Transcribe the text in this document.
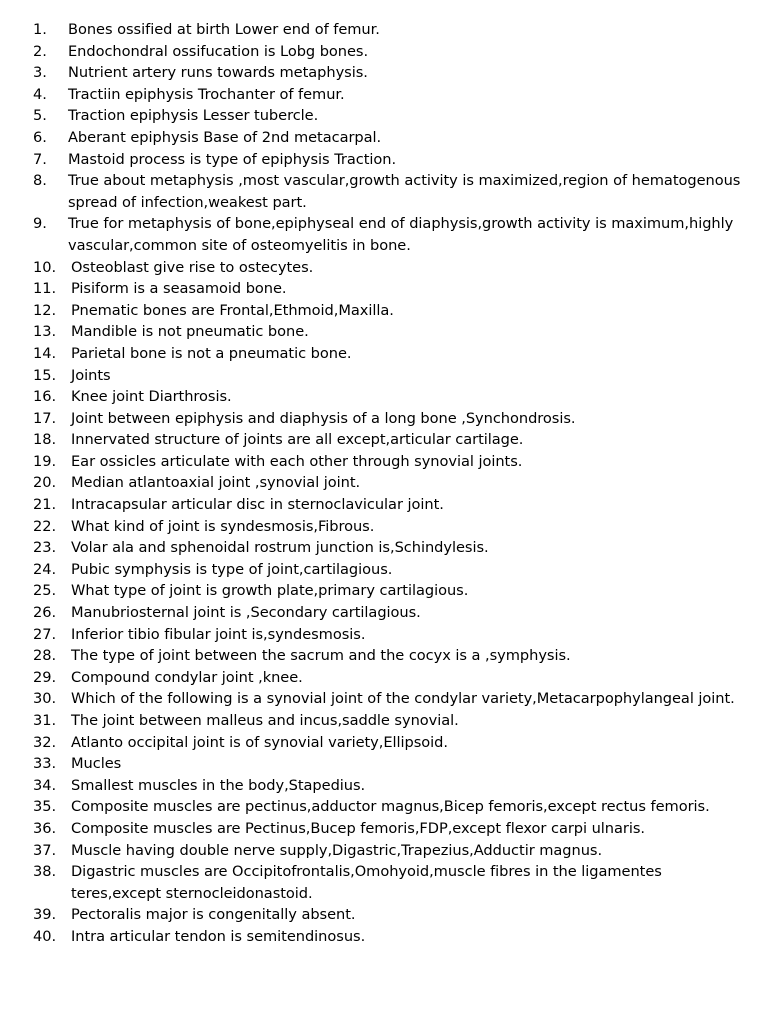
1.	Bones ossified at birth Lower end of femur.
2.	Endochondral ossifucation is Lobg bones.
3.	Nutrient artery runs towards metaphysis.
4.	Tractiin epiphysis Trochanter of femur.
5.	Traction epiphysis Lesser tubercle.
6.	Aberant epiphysis Base of 2nd metacarpal.
7.	Mastoid process is type of epiphysis Traction.
8.	True about metaphysis ,most vascular,growth activity is maximized,region of hematogenous spread of infection,weakest part.
9.	True for metaphysis of bone,epiphyseal end of diaphysis,growth activity is maximum,highly vascular,common site of osteomyelitis in bone.
10.	Osteoblast give rise to ostecytes.
11.	Pisiform is a seasamoid bone.
12.	Pnematic bones are Frontal,Ethmoid,Maxilla.
13.	Mandible is not pneumatic bone.
14.	Parietal bone is not a pneumatic bone.
15.	Joints
16.	Knee joint Diarthrosis.
17.	Joint between epiphysis and diaphysis of a long bone ,Synchondrosis.
18.	Innervated structure of joints are all except,articular cartilage.
19.	Ear ossicles articulate with each other through synovial joints.
20.	Median atlantoaxial joint ,synovial joint.
21.	Intracapsular articular disc in sternoclavicular joint.
22.	What kind of joint is syndesmosis,Fibrous.
23.	Volar ala and sphenoidal rostrum junction is,Schindylesis.
24.	Pubic symphysis is type of joint,cartilagious.
25.	What type of joint is growth plate,primary cartilagious.
26.	Manubriosternal joint is ,Secondary cartilagious.
27.	Inferior tibio fibular joint is,syndesmosis.
28.	The type of joint between the sacrum and the cocyx is a ,symphysis.
29.	Compound condylar joint ,knee.
30.	Which of the following is a synovial joint of the condylar variety,Metacarpophylangeal joint.
31.	The joint between malleus and incus,saddle synovial.
32.	Atlanto occipital joint is of synovial variety,Ellipsoid.
33.	Mucles
34.	Smallest muscles in the body,Stapedius.
35.	Composite muscles are pectinus,adductor magnus,Bicep femoris,except rectus femoris.
36.	Composite muscles are Pectinus,Bucep femoris,FDP,except flexor carpi ulnaris.
37.	Muscle having double nerve supply,Digastric,Trapezius,Adductir magnus.
38.	Digastric muscles are Occipitofrontalis,Omohyoid,muscle fibres in the ligamentes teres,except sternocleidonastoid.
39.	Pectoralis major is congenitally absent.
40.	Intra articular tendon is semitendinosus.
